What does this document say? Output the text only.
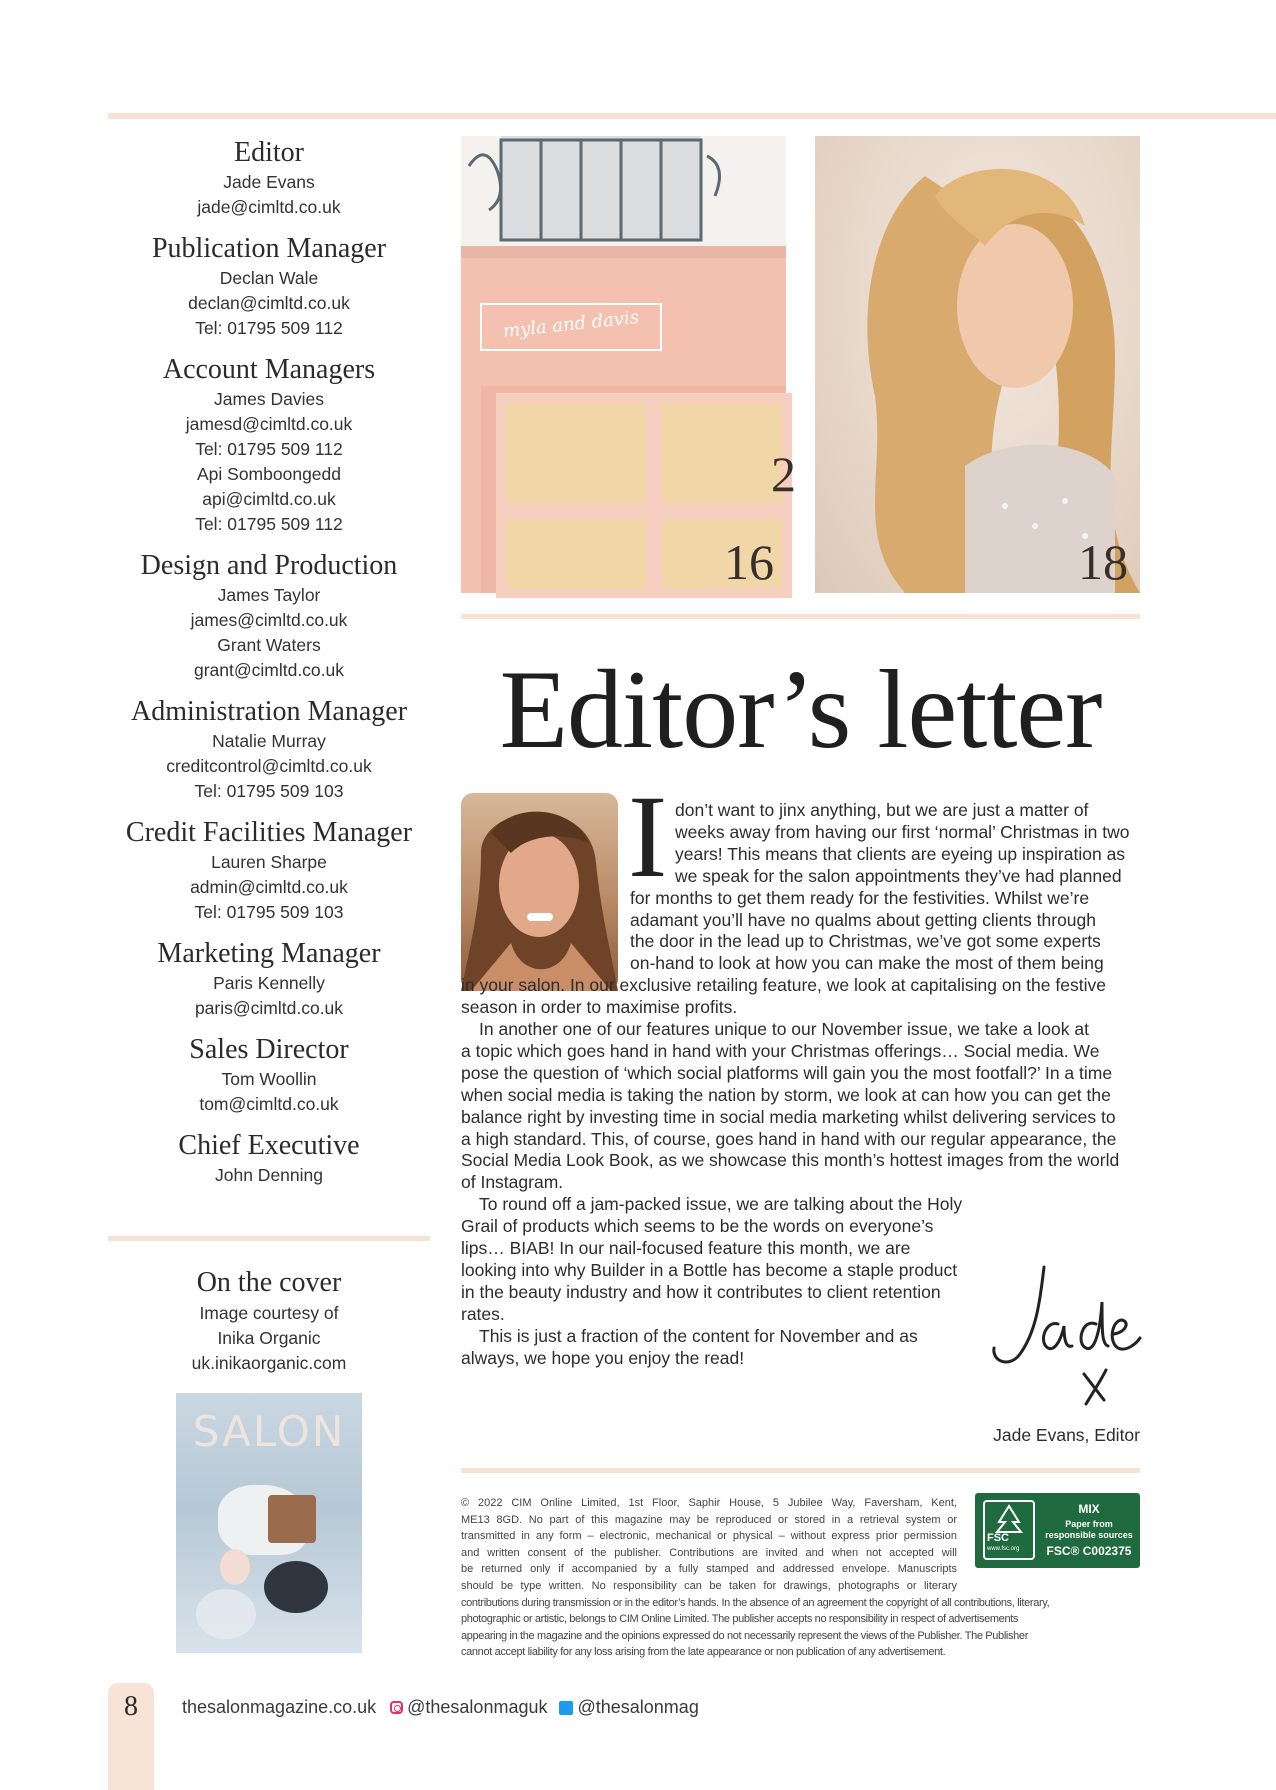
Editor
Jade Evans
jade@cimltd.co.uk
Publication Manager
Declan Wale
declan@cimltd.co.uk
Tel: 01795 509 112
Account Managers
James Davies
jamesd@cimltd.co.uk
Tel: 01795 509 112
Api Somboongedd
api@cimltd.co.uk
Tel: 01795 509 112
Design and Production
James Taylor
james@cimltd.co.uk
Grant Waters
grant@cimltd.co.uk
Administration Manager
Natalie Murray
creditcontrol@cimltd.co.uk
Tel: 01795 509 103
Credit Facilities Manager
Lauren Sharpe
admin@cimltd.co.uk
Tel: 01795 509 103
Marketing Manager
Paris Kennelly
paris@cimltd.co.uk
Sales Director
Tom Woollin
tom@cimltd.co.uk
Chief Executive
John Denning
On the cover
Image courtesy of
Inika Organic
uk.inikaorganic.com
SALON
myla and davis
2
16	18
Editor’s letter
I don’t want to jinx anything, but we are just a matter of
weeks away from having our first ‘normal’ Christmas in two
years! This means that clients are eyeing up inspiration as
we speak for the salon appointments they’ve had planned
for months to get them ready for the festivities. Whilst we’re
adamant you’ll have no qualms about getting clients through
the door in the lead up to Christmas, we’ve got some experts
on-hand to look at how you can make the most of them being
in your salon. In our exclusive retailing feature, we look at capitalising on the festive
season in order to maximise profits.
In another one of our features unique to our November issue, we take a look at
a topic which goes hand in hand with your Christmas offerings… Social media. We
pose the question of ‘which social platforms will gain you the most footfall?’ In a time
when social media is taking the nation by storm, we look at can how you can get the
balance right by investing time in social media marketing whilst delivering services to
a high standard. This, of course, goes hand in hand with our regular appearance, the
Social Media Look Book, as we showcase this month’s hottest images from the world
of Instagram.
To round off a jam-packed issue, we are talking about the Holy
Grail of products which seems to be the words on everyone’s
lips… BIAB! In our nail-focused feature this month, we are
looking into why Builder in a Bottle has become a staple product
in the beauty industry and how it contributes to client retention
rates.
This is just a fraction of the content for November and as
always, we hope you enjoy the read!
Jade Evans, Editor
© 2022 CIM Online Limited, 1st Floor, Saphir House, 5 Jubilee Way, Faversham, Kent,
ME13 8GD. No part of this magazine may be reproduced or stored in a retrieval system or
transmitted in any form – electronic, mechanical or physical – without express prior permission
and written consent of the publisher. Contributions are invited and when not accepted will
be returned only if accompanied by a fully stamped and addressed envelope. Manuscripts
should be type written. No responsibility can be taken for drawings, photographs or literary
contributions during transmission or in the editor’s hands. In the absence of an agreement the copyright of all contributions, literary,
photographic or artistic, belongs to CIM Online Limited. The publisher accepts no responsibility in respect of advertisements
appearing in the magazine and the opinions expressed do not necessarily represent the views of the Publisher. The Publisher
cannot accept liability for any loss arising from the late appearance or non publication of any advertisement.
FSC
www.fsc.org
MIX
Paper from responsible sources
FSC® C002375
8	thesalonmagazine.co.uk @thesalonmaguk @thesalonmag
